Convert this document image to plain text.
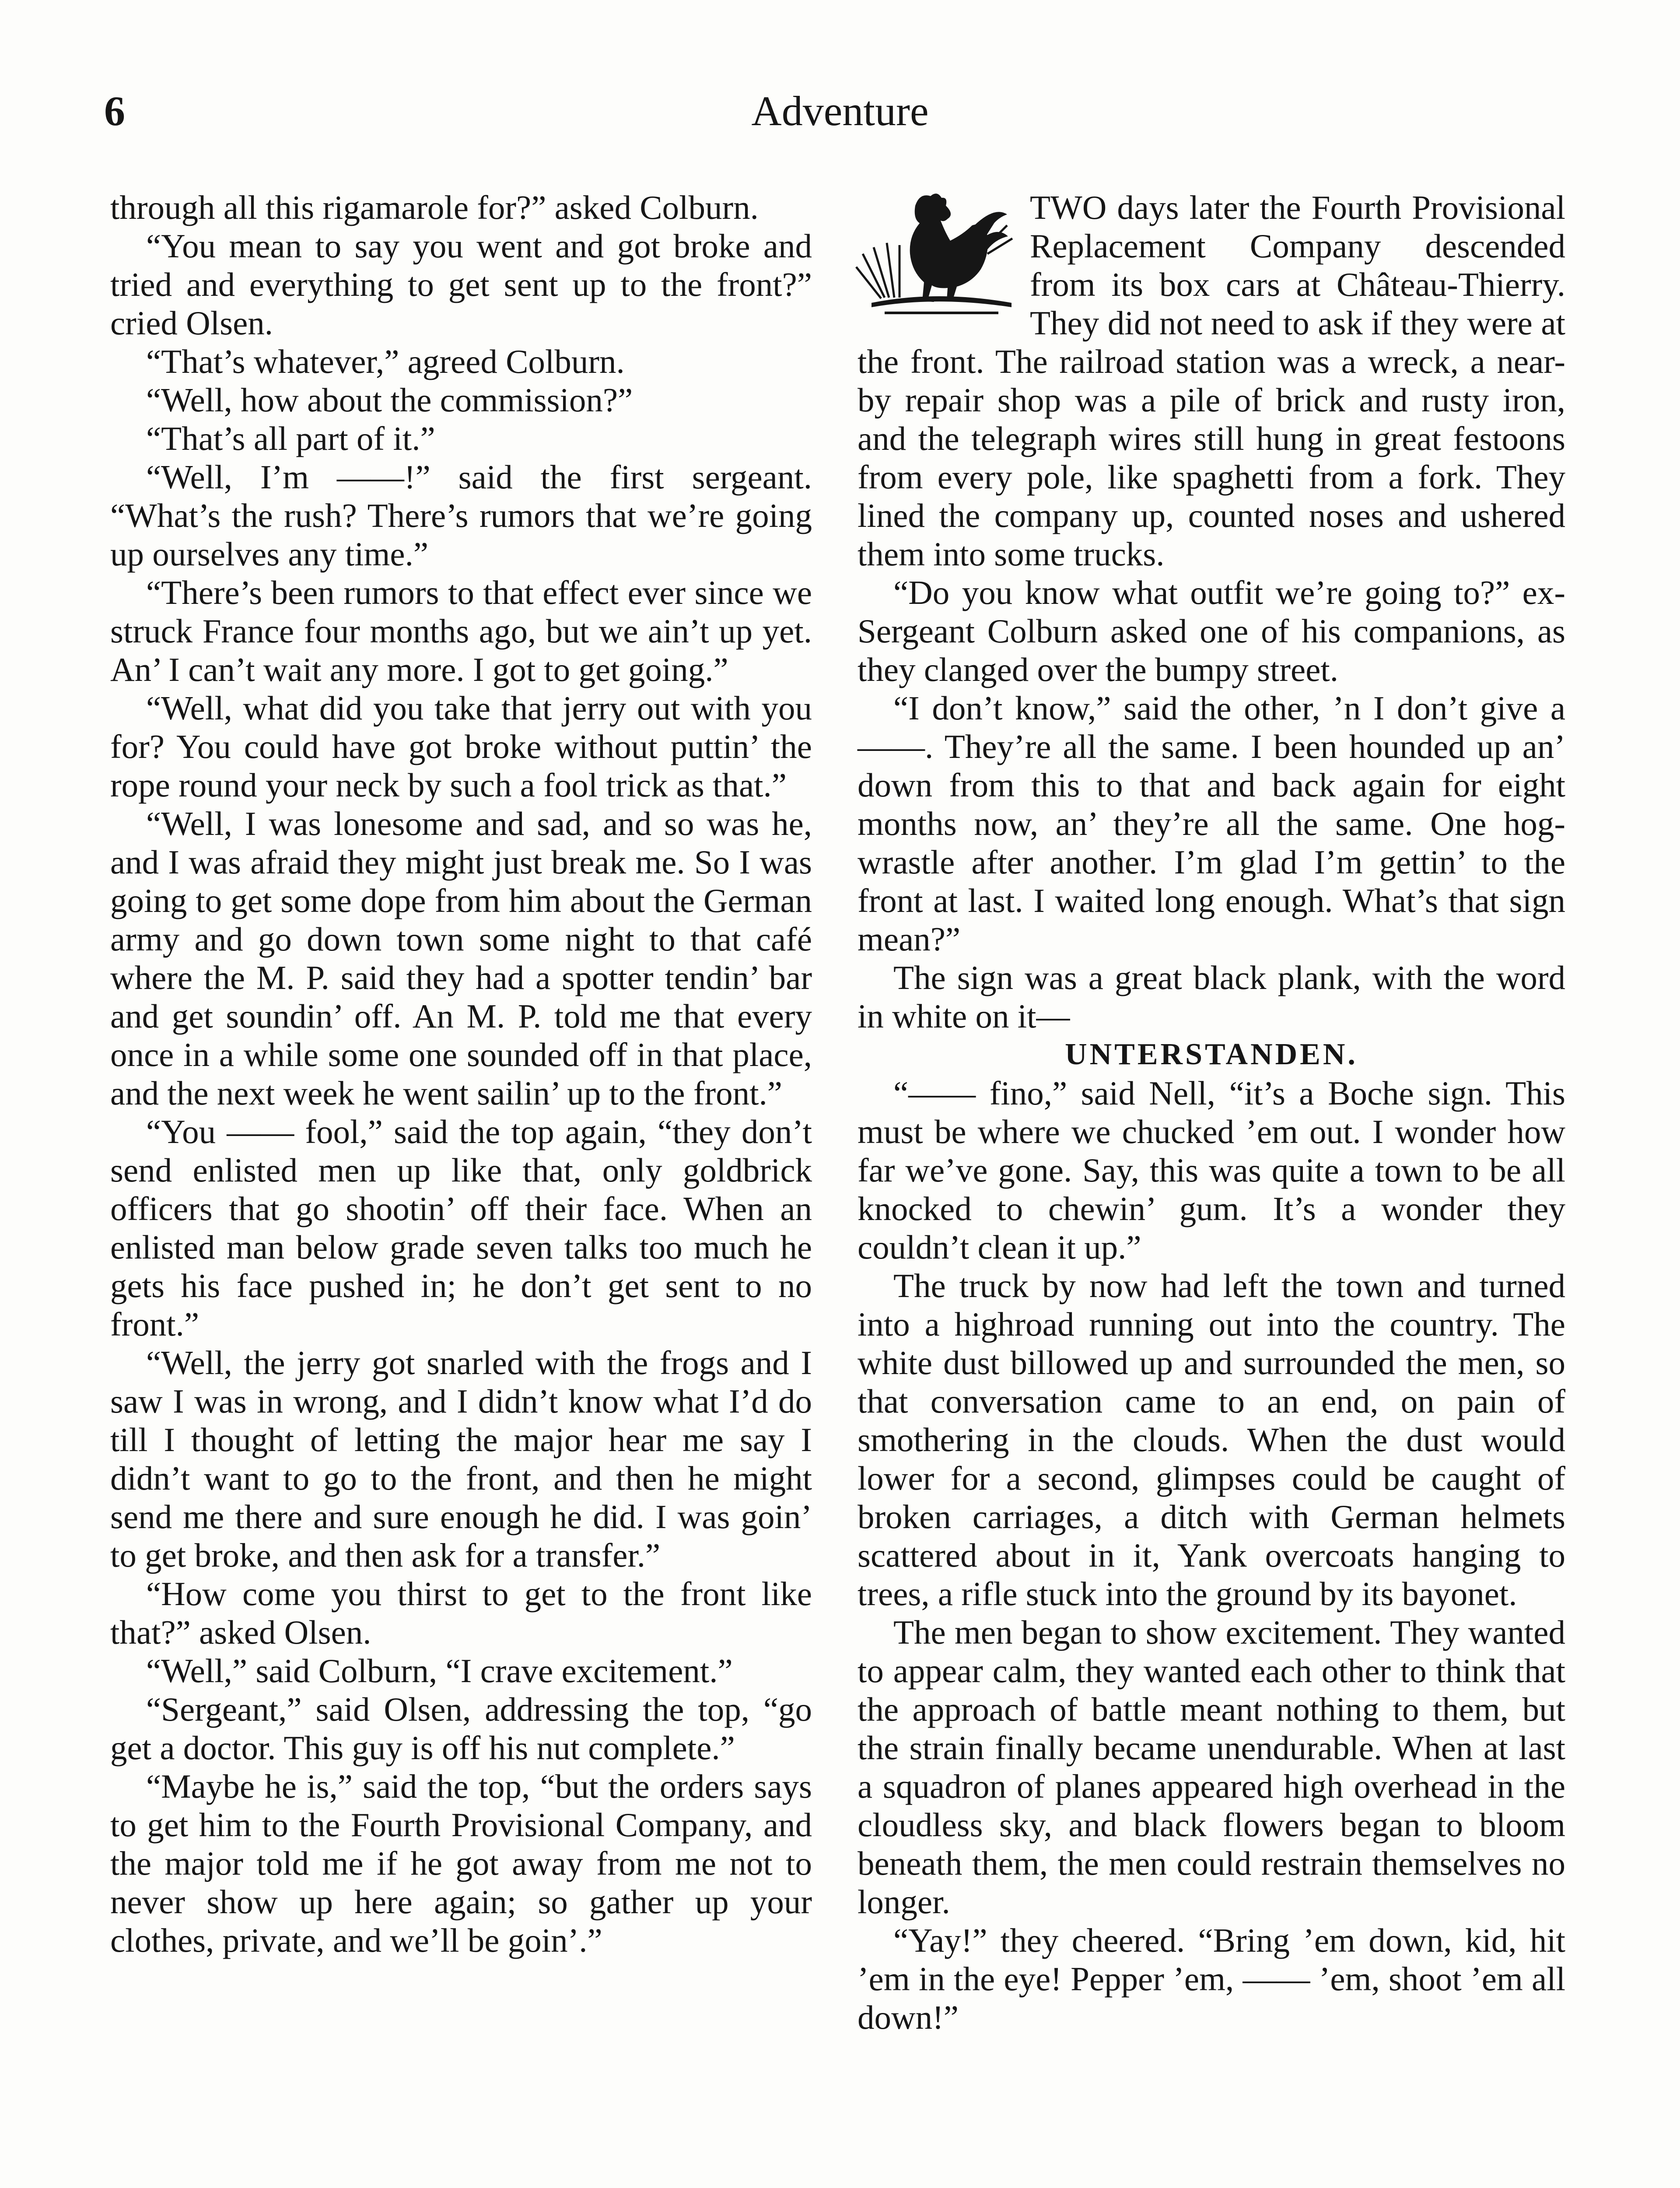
6	Adventure

through all this rigamarole for?” asked Colburn.

“You mean to say you went and got broke and tried and everything to get sent up to the front?” cried Olsen.

“That’s whatever,” agreed Colburn.

“Well, how about the commission?”

“That’s all part of it.”

“Well, I’m ——!” said the first sergeant. “What’s the rush? There’s rumors that we’re going up ourselves any time.”

“There’s been rumors to that effect ever since we struck France four months ago, but we ain’t up yet. An’ I can’t wait any more. I got to get going.”

“Well, what did you take that jerry out with you for? You could have got broke without puttin’ the rope round your neck by such a fool trick as that.”

“Well, I was lonesome and sad, and so was he, and I was afraid they might just break me. So I was going to get some dope from him about the German army and go down town some night to that café where the M. P. said they had a spotter tendin’ bar and get soundin’ off. An M. P. told me that every once in a while some one sounded off in that place, and the next week he went sailin’ up to the front.”

“You —— fool,” said the top again, “they don’t send enlisted men up like that, only goldbrick officers that go shootin’ off their face. When an enlisted man below grade seven talks too much he gets his face pushed in; he don’t get sent to no front.”

“Well, the jerry got snarled with the frogs and I saw I was in wrong, and I didn’t know what I’d do till I thought of letting the major hear me say I didn’t want to go to the front, and then he might send me there and sure enough he did. I was goin’ to get broke, and then ask for a transfer.”

“How come you thirst to get to the front like that?” asked Olsen.

“Well,” said Colburn, “I crave excitement.”

“Sergeant,” said Olsen, addressing the top, “go get a doctor. This guy is off his nut complete.”

“Maybe he is,” said the top, “but the orders says to get him to the Fourth Provisional Company, and the major told me if he got away from me not to never show up here again; so gather up your clothes, private, and we’ll be goin’.”

TWO days later the Fourth Provisional Replacement Company descended from its box cars at Château-Thierry. They did not need to ask if they were at the front. The railroad station was a wreck, a near-by repair shop was a pile of brick and rusty iron, and the telegraph wires still hung in great festoons from every pole, like spaghetti from a fork. They lined the company up, counted noses and ushered them into some trucks.

“Do you know what outfit we’re going to?” ex-Sergeant Colburn asked one of his companions, as they clanged over the bumpy street.

“I don’t know,” said the other, ’n I don’t give a ——. They’re all the same. I been hounded up an’ down from this to that and back again for eight months now, an’ they’re all the same. One hog-wrastle after another. I’m glad I’m gettin’ to the front at last. I waited long enough. What’s that sign mean?”

The sign was a great black plank, with the word in white on it—

UNTERSTANDEN.

“—— fino,” said Nell, “it’s a Boche sign. This must be where we chucked ’em out. I wonder how far we’ve gone. Say, this was quite a town to be all knocked to chewin’ gum. It’s a wonder they couldn’t clean it up.”

The truck by now had left the town and turned into a highroad running out into the country. The white dust billowed up and surrounded the men, so that conversation came to an end, on pain of smothering in the clouds. When the dust would lower for a second, glimpses could be caught of broken carriages, a ditch with German helmets scattered about in it, Yank overcoats hanging to trees, a rifle stuck into the ground by its bayonet.

The men began to show excitement. They wanted to appear calm, they wanted each other to think that the approach of battle meant nothing to them, but the strain finally became unendurable. When at last a squadron of planes appeared high overhead in the cloudless sky, and black flowers began to bloom beneath them, the men could restrain themselves no longer.

“Yay!” they cheered. “Bring ’em down, kid, hit ’em in the eye! Pepper ’em, —— ’em, shoot ’em all down!”
